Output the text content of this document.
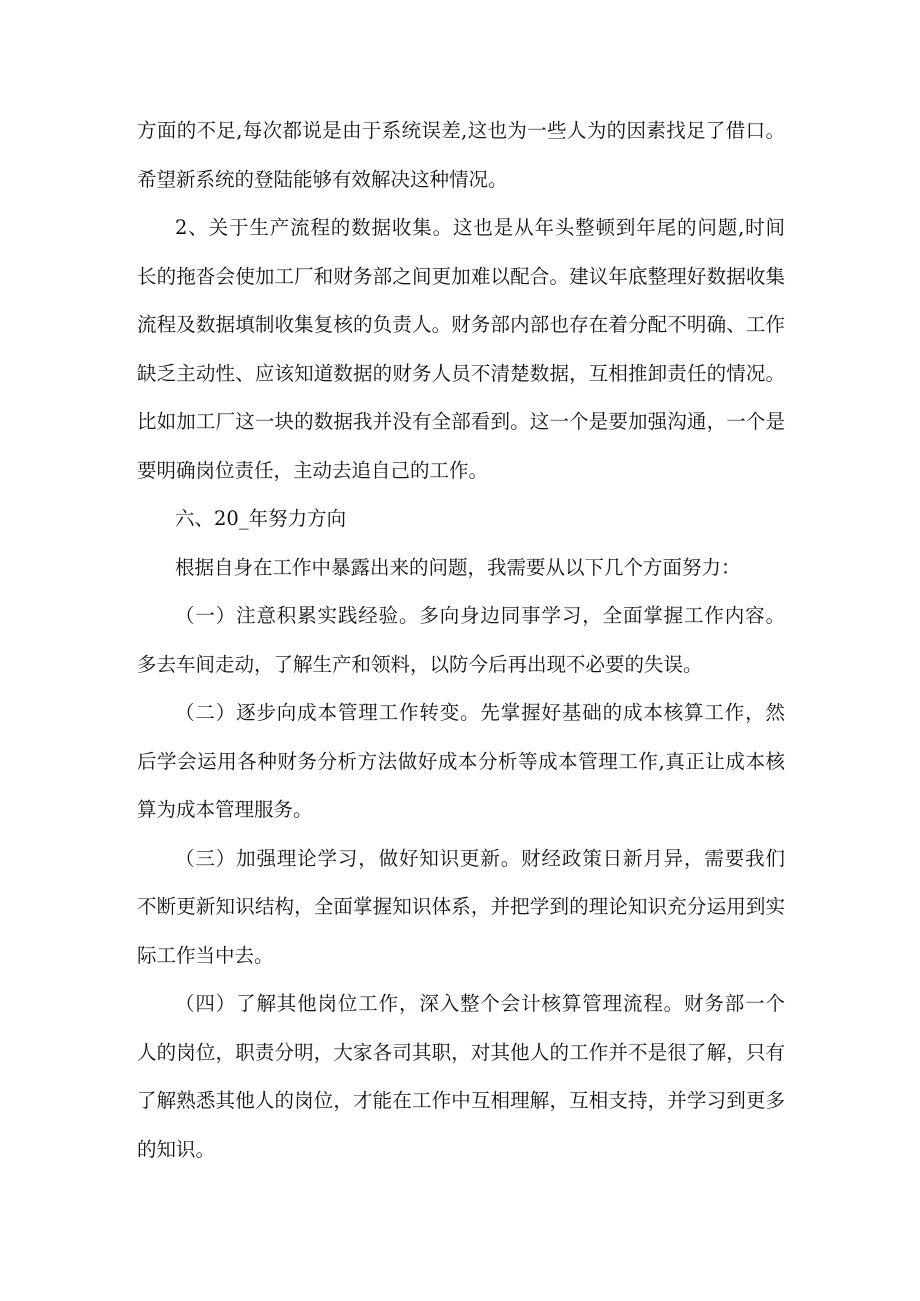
方面的不足,每次都说是由于系统误差,这也为一些人为的因素找足了借口。
希望新系统的登陆能够有效解决这种情况。
2、关于生产流程的数据收集。这也是从年头整顿到年尾的问题,时间
长的拖沓会使加工厂和财务部之间更加难以配合。建议年底整理好数据收集
流程及数据填制收集复核的负责人。财务部内部也存在着分配不明确、工作
缺乏主动性、应该知道数据的财务人员不清楚数据，互相推卸责任的情况。
比如加工厂这一块的数据我并没有全部看到。这一个是要加强沟通，一个是
要明确岗位责任，主动去追自己的工作。
六、20_年努力方向
根据自身在工作中暴露出来的问题，我需要从以下几个方面努力：
（一）注意积累实践经验。多向身边同事学习，全面掌握工作内容。
多去车间走动，了解生产和领料，以防今后再出现不必要的失误。
（二）逐步向成本管理工作转变。先掌握好基础的成本核算工作，然
后学会运用各种财务分析方法做好成本分析等成本管理工作,真正让成本核
算为成本管理服务。
（三）加强理论学习，做好知识更新。财经政策日新月异，需要我们
不断更新知识结构，全面掌握知识体系，并把学到的理论知识充分运用到实
际工作当中去。
（四）了解其他岗位工作，深入整个会计核算管理流程。财务部一个
人的岗位，职责分明，大家各司其职，对其他人的工作并不是很了解，只有
了解熟悉其他人的岗位，才能在工作中互相理解，互相支持，并学习到更多
的知识。
